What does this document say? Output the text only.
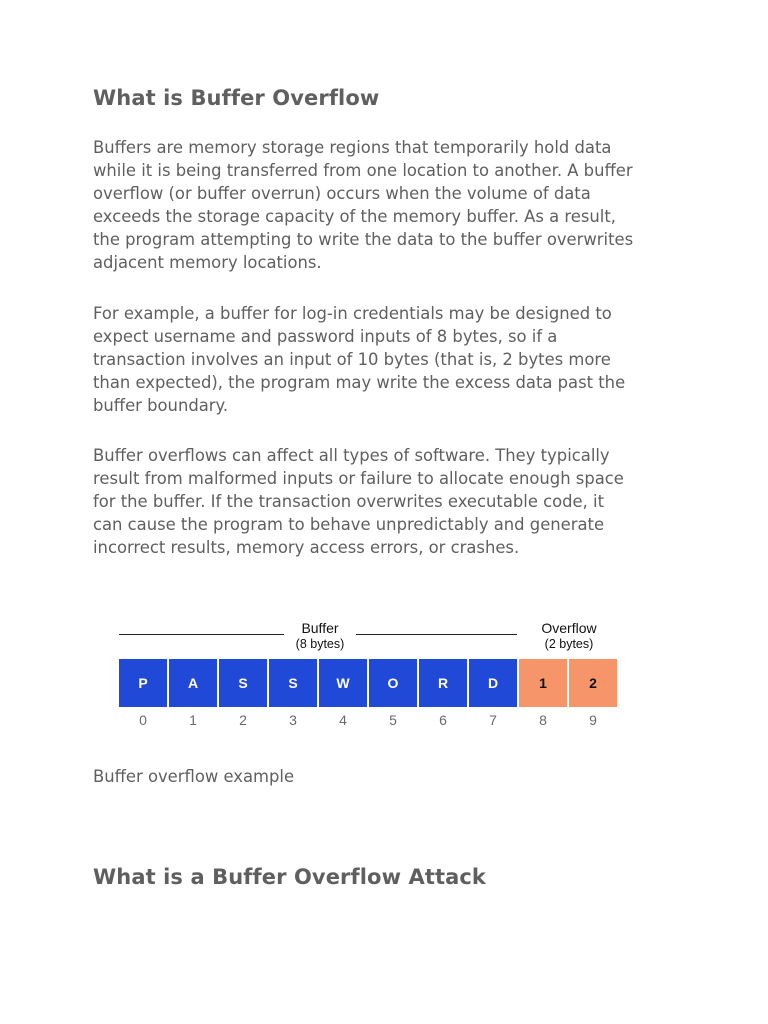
What is Buffer Overflow

Buffers are memory storage regions that temporarily hold data
while it is being transferred from one location to another. A buffer
overflow (or buffer overrun) occurs when the volume of data
exceeds the storage capacity of the memory buffer. As a result,
the program attempting to write the data to the buffer overwrites
adjacent memory locations.

For example, a buffer for log-in credentials may be designed to
expect username and password inputs of 8 bytes, so if a
transaction involves an input of 10 bytes (that is, 2 bytes more
than expected), the program may write the excess data past the
buffer boundary.

Buffer overflows can affect all types of software. They typically
result from malformed inputs or failure to allocate enough space
for the buffer. If the transaction overwrites executable code, it
can cause the program to behave unpredictably and generate
incorrect results, memory access errors, or crashes.

Buffer
(8 bytes)
Overflow
(2 bytes)
P
0
A
1
S
2
S
3
W
4
O
5
R
6
D
7
1
8
2
9

Buffer overflow example

What is a Buffer Overflow Attack
